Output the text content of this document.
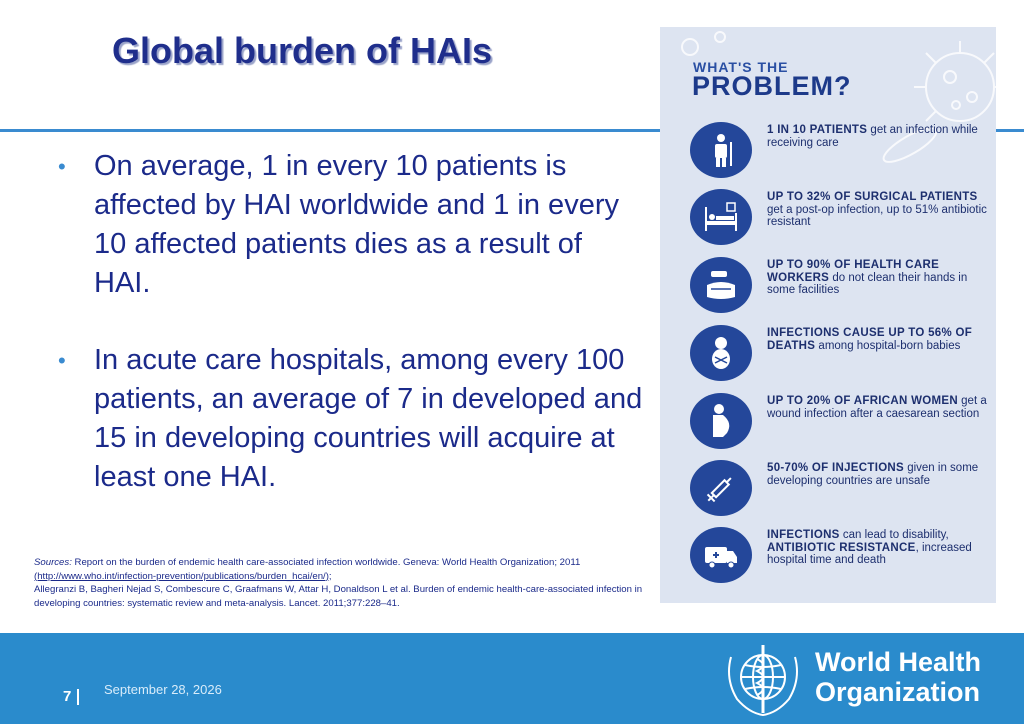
Global burden of HAIs
• On average, 1 in every 10 patients is affected by HAI worldwide and 1 in every 10 affected patients dies as a result of HAI.
• In acute care hospitals, among every 100 patients, an average of 7 in developed and 15 in developing countries will acquire at least one HAI.
Sources: Report on the burden of endemic health care-associated infection worldwide. Geneva: World Health Organization; 2011
(http://www.who.int/infection-prevention/publications/burden_hcai/en/);
Allegranzi B, Bagheri Nejad S, Combescure C, Graafmans W, Attar H, Donaldson L et al. Burden of endemic health-care-associated infection in developing countries: systematic review and meta-analysis. Lancet. 2011;377:228–41.
WHAT'S THE
PROBLEM?
1 IN 10 PATIENTS get an infection while receiving care
UP TO 32% OF SURGICAL PATIENTS get a post-op infection, up to 51% antibiotic resistant
UP TO 90% OF HEALTH CARE WORKERS do not clean their hands in some facilities
INFECTIONS CAUSE UP TO 56% OF DEATHS among hospital-born babies
UP TO 20% OF AFRICAN WOMEN get a wound infection after a caesarean section
50-70% OF INJECTIONS given in some developing countries are unsafe
INFECTIONS can lead to disability, ANTIBIOTIC RESISTANCE, increased hospital time and death
7	September 28, 2026
World Health
Organization
